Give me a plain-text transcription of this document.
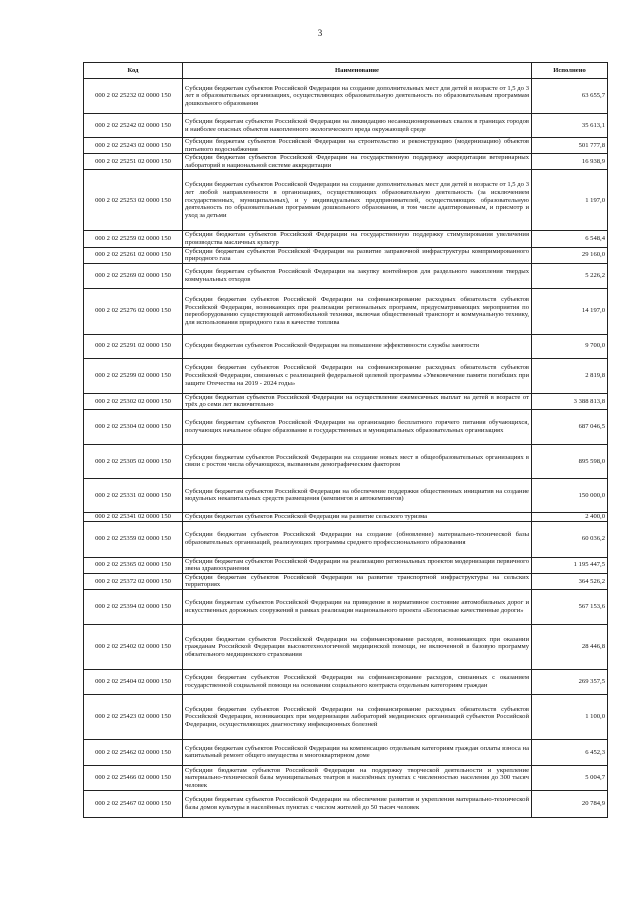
3
Код	Наименование	Исполнено
000 2 02 25232 02 0000 150	Субсидии бюджетам субъектов Российской Федерации на создание дополнительных мест для детей в возрасте от 1,5 до 3 лет в образовательных организациях, осуществляющих образовательную деятельность по образовательным программам дошкольного образования	63 655,7
000 2 02 25242 02 0000 150	Субсидии бюджетам субъектов Российской Федерации на ликвидацию несанкционированных свалок в границах городов и наиболее опасных объектов накопленного экологического вреда окружающей среде	35 613,1
000 2 02 25243 02 0000 150	Субсидии бюджетам субъектов Российской Федерации на строительство и реконструкцию (модернизацию) объектов питьевого водоснабжения	501 777,8
000 2 02 25251 02 0000 150	Субсидии бюджетам субъектов Российской Федерации на государственную поддержку аккредитации ветеринарных лабораторий в национальной системе аккредитации	16 938,9
000 2 02 25253 02 0000 150	Субсидии бюджетам субъектов Российской Федерации на создание дополнительных мест для детей в возрасте от 1,5 до 3 лет любой направленности в организациях, осуществляющих образовательную деятельность (за исключением государственных, муниципальных), и у индивидуальных предпринимателей, осуществляющих образовательную деятельность по образовательным программам дошкольного образования, в том числе адаптированным, и присмотр и уход за детьми	1 197,0
000 2 02 25259 02 0000 150	Субсидии бюджетам субъектов Российской Федерации на государственную поддержку стимулирования увеличения производства масличных культур	6 548,4
000 2 02 25261 02 0000 150	Субсидии бюджетам субъектов Российской Федерации на развитие заправочной инфраструктуры компримированного природного газа	29 160,0
000 2 02 25269 02 0000 150	Субсидии бюджетам субъектов Российской Федерации на закупку контейнеров для раздельного накопления твердых коммунальных отходов	5 226,2
000 2 02 25276 02 0000 150	Субсидии бюджетам субъектов Российской Федерации на софинансирование расходных обязательств субъектов Российской Федерации, возникающих при реализации региональных программ, предусматривающих мероприятия по переоборудованию существующей автомобильной техники, включая общественный транспорт и коммунальную технику, для использования природного газа в качестве топлива	14 197,0
000 2 02 25291 02 0000 150	Субсидии бюджетам субъектов Российской Федерации на повышение эффективности службы занятости	9 700,0
000 2 02 25299 02 0000 150	Субсидии бюджетам субъектов Российской Федерации на софинансирование расходных обязательств субъектов Российской Федерации, связанных с реализацией федеральной целевой программы «Увековечение памяти погибших при защите Отечества на 2019 - 2024 годы»	2 819,8
000 2 02 25302 02 0000 150	Субсидии бюджетам субъектов Российской Федерации на осуществление ежемесячных выплат на детей в возрасте от трёх до семи лет включительно	3 388 813,8
000 2 02 25304 02 0000 150	Субсидии бюджетам субъектов Российской Федерации на организацию бесплатного горячего питания обучающихся, получающих начальное общее образование в государственных и муниципальных образовательных организациях	687 046,5
000 2 02 25305 02 0000 150	Субсидии бюджетам субъектов Российской Федерации на создание новых мест в общеобразовательных организациях в связи с ростом числа обучающихся, вызванным демографическим фактором	895 598,0
000 2 02 25331 02 0000 150	Субсидии бюджетам субъектов Российской Федерации на обеспечение поддержки общественных инициатив на создание модульных некапитальных средств размещения (кемпингов и автокемпингов)	150 000,0
000 2 02 25341 02 0000 150	Субсидии бюджетам субъектов Российской Федерации на развитие сельского туризма	2 400,0
000 2 02 25359 02 0000 150	Субсидии бюджетам субъектов Российской Федерации на создание (обновление) материально-технической базы образовательных организаций, реализующих программы среднего профессионального образования	60 036,2
000 2 02 25365 02 0000 150	Субсидии бюджетам субъектов Российской Федерации на реализацию региональных проектов модернизации первичного звена здравоохранения	1 195 447,5
000 2 02 25372 02 0000 150	Субсидии бюджетам субъектов Российской Федерации на развитие транспортной инфраструктуры на сельских территориях	364 526,2
000 2 02 25394 02 0000 150	Субсидии бюджетам субъектов Российской Федерации на приведение в нормативное состояние автомобильных дорог и искусственных дорожных сооружений в рамках реализации национального проекта «Безопасные качественные дороги»	567 153,6
000 2 02 25402 02 0000 150	Субсидии бюджетам субъектов Российской Федерации на софинансирование расходов, возникающих при оказании гражданам Российской Федерации высокотехнологичной медицинской помощи, не включенной в базовую программу обязательного медицинского страхования	28 446,8
000 2 02 25404 02 0000 150	Субсидии бюджетам субъектов Российской Федерации на софинансирование расходов, связанных с оказанием государственной социальной помощи на основании социального контракта отдельным категориям граждан	269 357,5
000 2 02 25423 02 0000 150	Субсидии бюджетам субъектов Российской Федерации на софинансирование расходных обязательств субъектов Российской Федерации, возникающих при модернизации лабораторий медицинских организаций субъектов Российской Федерации, осуществляющих диагностику инфекционных болезней	1 100,0
000 2 02 25462 02 0000 150	Субсидии бюджетам субъектов Российской Федерации на компенсацию отдельным категориям граждан оплаты взноса на капитальный ремонт общего имущества в многоквартирном доме	6 452,3
000 2 02 25466 02 0000 150	Субсидии бюджетам субъектов Российской Федерации на поддержку творческой деятельности и укрепление материально-технической базы муниципальных театров в населённых пунктах с численностью населения до 300 тысяч человек	5 004,7
000 2 02 25467 02 0000 150	Субсидии бюджетам субъектов Российской Федерации на обеспечение развития и укрепления материально-технической базы домов культуры в населённых пунктах с числом жителей до 50 тысяч человек	20 784,9
